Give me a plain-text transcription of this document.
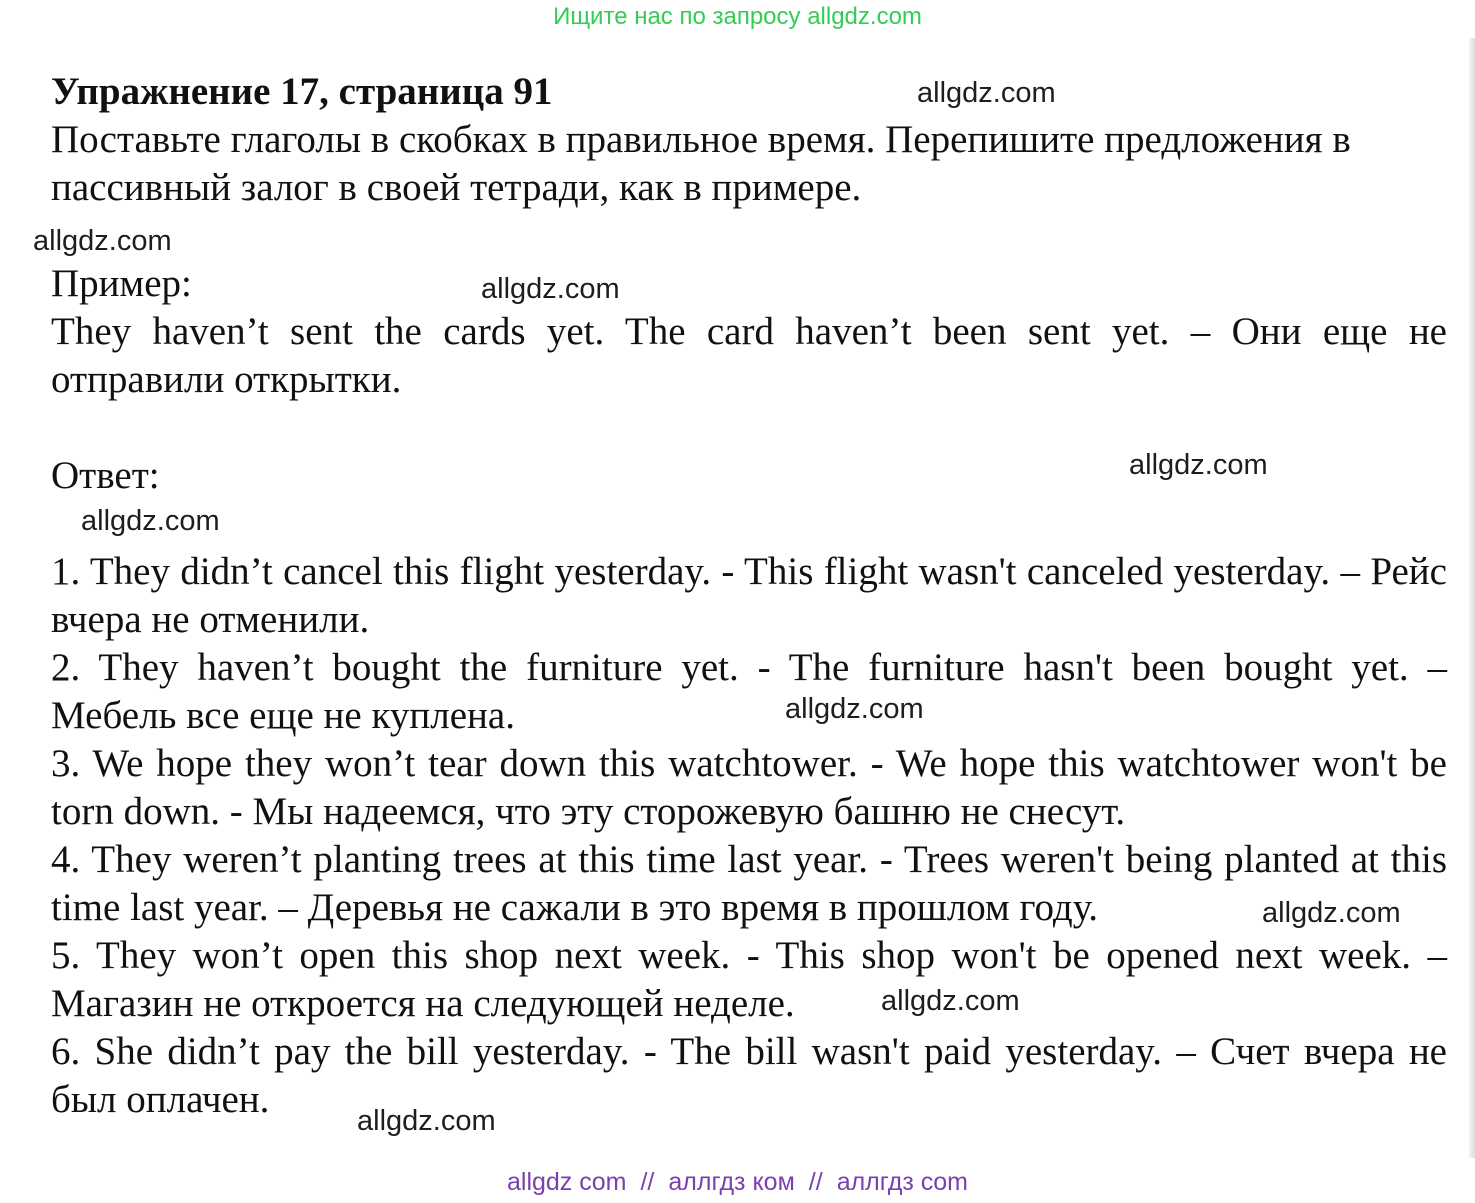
Ищите нас по запросу allgdz.com

Упражнение 17, страница 91

Поставьте глаголы в скобках в правильное время. Перепишите предложения в пассивный залог в своей тетради, как в примере.

Пример:

They haven’t sent the cards yet. The card haven’t been sent yet. – Они еще не отправили открытки.

Ответ:

1. They didn’t cancel this flight yesterday. - This flight wasn't canceled yesterday. – Рейс вчера не отменили.

2. They haven’t bought the furniture yet. - The furniture hasn't been bought yet. – Мебель все еще не куплена.

3. We hope they won’t tear down this watchtower. - We hope this watchtower won't be torn down. - Мы надеемся, что эту сторожевую башню не снесут.

4. They weren’t planting trees at this time last year. - Trees weren't being planted at this time last year. – Деревья не сажали в это время в прошлом году.

5. They won’t open this shop next week. - This shop won't be opened next week. – Магазин не откроется на следующей неделе.

6. She didn’t pay the bill yesterday. - The bill wasn't paid yesterday. – Счет вчера не был оплачен.

allgdz.com
allgdz.com
allgdz.com
allgdz.com
allgdz.com
allgdz.com
allgdz.com
allgdz.com
allgdz.com
allgdz com // аллгдз ком // аллгдз com
